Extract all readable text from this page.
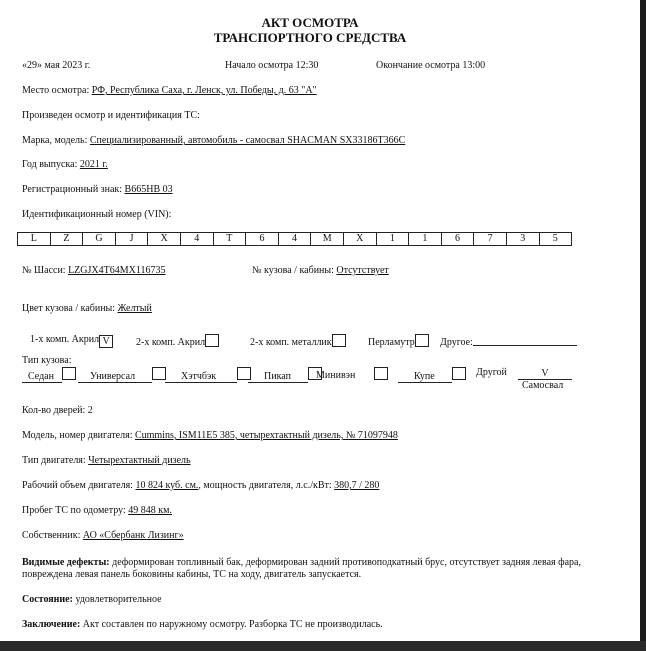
АКТ ОСМОТРА
ТРАНСПОРТНОГО СРЕДСТВА
«29» мая 2023 г.	Начало осмотра 12:30	Окончание осмотра 13:00
Место осмотра: РФ, Республика Саха, г. Ленск, ул. Победы, д. 63 "А"
Произведен осмотр и идентификация ТС:
Марка, модель: Специализированный, автомобиль - самосвал SHACMAN SX33186T366C
Год выпуска: 2021 г.
Регистрационный знак: В665НВ 03
Идентификационный номер (VIN):
L	Z	G	J	X	4	T	6	4	M	X	1	1	6	7	3	5
№ Шасси: LZGJX4T64MX116735	№ кузова / кабины: Отсутствует
Цвет кузова / кабины: Желтый
1-х комп. Акрил V	2-х комп. Акрил	2-х комп. металлик	Перламутр	Другое:
Тип кузова:
Седан	Универсал	Хэтчбэк	Пикап	Минивэн	Купе	Другой	V
Самосвал
Кол-во дверей: 2
Модель, номер двигателя: Cummins, ISM11E5 385, четырехтактный дизель, № 71097948
Тип двигателя: Четырехтактный дизель
Рабочий объем двигателя: 10 824 куб. см., мощность двигателя, л.с./кВт: 380,7 / 280
Пробег ТС по одометру: 49 848 км.
Собственник: АО «Сбербанк Лизинг»
Видимые дефекты: деформирован топливный бак, деформирован задний противоподкатный брус, отсутствует задняя левая фара, повреждена левая панель боковины кабины, ТС на ходу, двигатель запускается.
Состояние: удовлетворительное
Заключение: Акт составлен по наружному осмотру. Разборка ТС не производилась.
